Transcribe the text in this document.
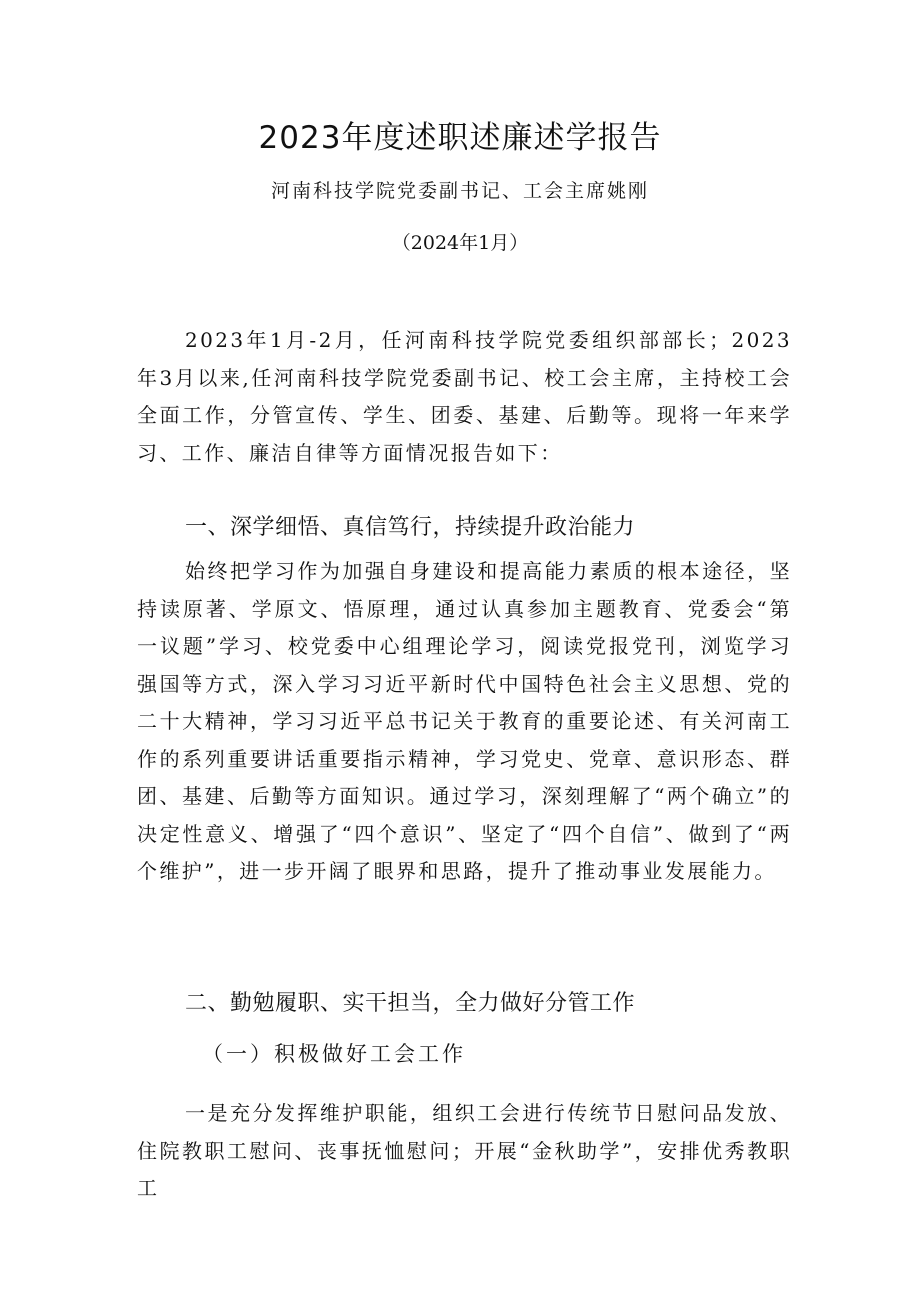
2023年度述职述廉述学报告
河南科技学院党委副书记、工会主席姚刚
（2024年1月）

2023年1月-2月，任河南科技学院党委组织部部长；2023年3月以来,任河南科技学院党委副书记、校工会主席，主持校工会全面工作，分管宣传、学生、团委、基建、后勤等。现将一年来学习、工作、廉洁自律等方面情况报告如下：

一、深学细悟、真信笃行，持续提升政治能力

始终把学习作为加强自身建设和提高能力素质的根本途径，坚持读原著、学原文、悟原理，通过认真参加主题教育、党委会“第一议题”学习、校党委中心组理论学习，阅读党报党刊，浏览学习强国等方式，深入学习习近平新时代中国特色社会主义思想、党的二十大精神，学习习近平总书记关于教育的重要论述、有关河南工作的系列重要讲话重要指示精神，学习党史、党章、意识形态、群团、基建、后勤等方面知识。通过学习，深刻理解了“两个确立”的决定性意义、增强了“四个意识”、坚定了“四个自信”、做到了“两个维护”，进一步开阔了眼界和思路，提升了推动事业发展能力。

二、勤勉履职、实干担当，全力做好分管工作
（一）积极做好工会工作

一是充分发挥维护职能，组织工会进行传统节日慰问品发放、住院教职工慰问、丧事抚恤慰问；开展“金秋助学”，安排优秀教职工
